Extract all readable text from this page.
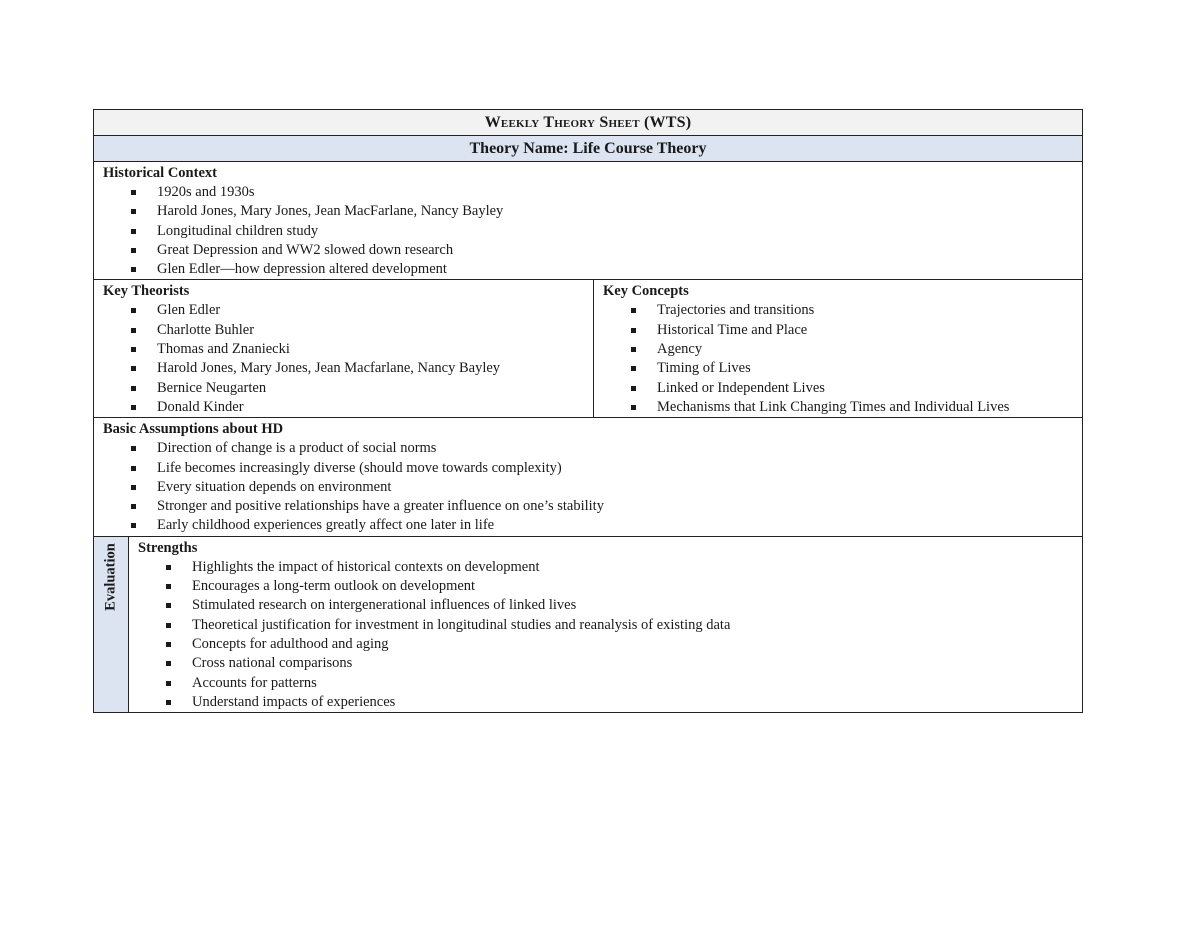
Weekly Theory Sheet (WTS)
Theory Name: Life Course Theory
Historical Context
1920s and 1930s
Harold Jones, Mary Jones, Jean MacFarlane, Nancy Bayley
Longitudinal children study
Great Depression and WW2 slowed down research
Glen Edler—how depression altered development
Key Theorists
Glen Edler
Charlotte Buhler
Thomas and Znaniecki
Harold Jones, Mary Jones, Jean Macfarlane, Nancy Bayley
Bernice Neugarten
Donald Kinder
Key Concepts
Trajectories and transitions
Historical Time and Place
Agency
Timing of Lives
Linked or Independent Lives
Mechanisms that Link Changing Times and Individual Lives
Basic Assumptions about HD
Direction of change is a product of social norms
Life becomes increasingly diverse (should move towards complexity)
Every situation depends on environment
Stronger and positive relationships have a greater influence on one’s stability
Early childhood experiences greatly affect one later in life
Evaluation Strengths
Highlights the impact of historical contexts on development
Encourages a long-term outlook on development
Stimulated research on intergenerational influences of linked lives
Theoretical justification for investment in longitudinal studies and reanalysis of existing data
Concepts for adulthood and aging
Cross national comparisons
Accounts for patterns
Understand impacts of experiences
